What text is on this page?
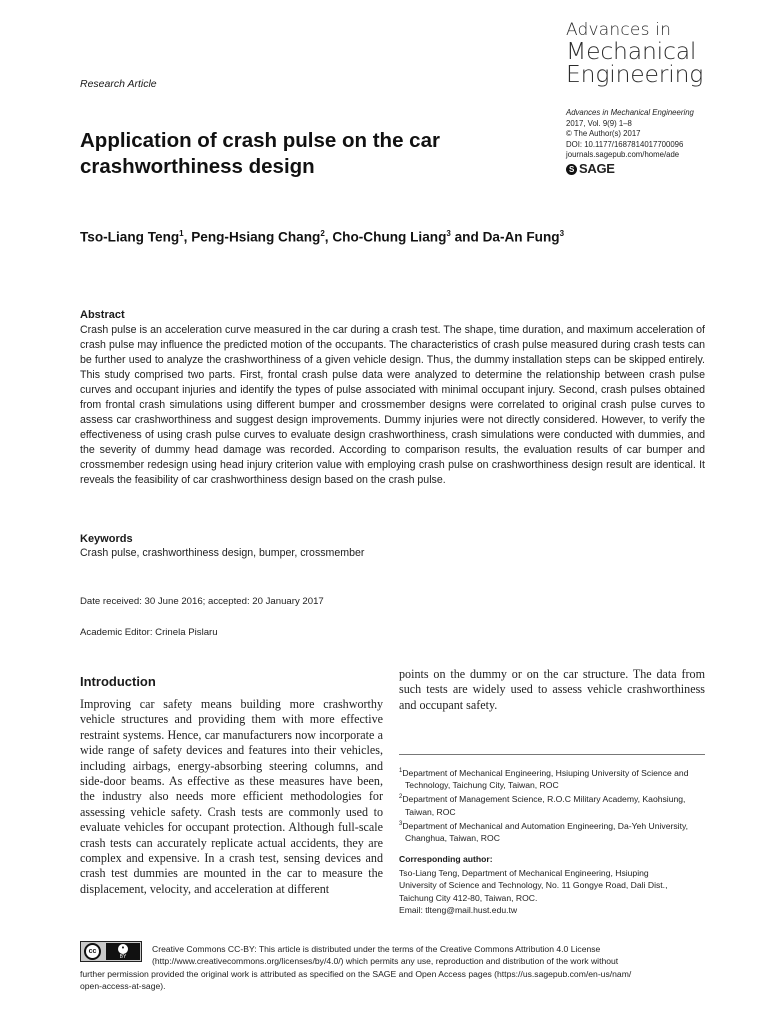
Advances in
Mechanical
Engineering
Research Article
Advances in Mechanical Engineering
2017, Vol. 9(9) 1–8
© The Author(s) 2017
DOI: 10.1177/1687814017700096
journals.sagepub.com/home/ade
S SAGE
Application of crash pulse on the car crashworthiness design
Tso-Liang Teng$^1$, Peng-Hsiang Chang$^2$, Cho-Chung Liang$^3$ and Da-An Fung$^3$
Abstract

Crash pulse is an acceleration curve measured in the car during a crash test. The shape, time duration, and maximum acceleration of crash pulse may influence the predicted motion of the occupants. The characteristics of crash pulse measured during crash tests can be further used to analyze the crashworthiness of a given vehicle design. Thus, the dummy installation steps can be skipped entirely. This study comprised two parts. First, frontal crash pulse data were analyzed to determine the relationship between crash pulse curves and occupant injuries and identify the types of pulse associated with minimal occupant injury. Second, crash pulses obtained from frontal crash simulations using different bumper and crossmember designs were correlated to original crash pulse curves to assess car crashworthiness and suggest design improvements. Dummy injuries were not directly considered. However, to verify the effectiveness of using crash pulse curves to evaluate design crashworthiness, crash simulations were conducted with dummies, and the severity of dummy head damage was recorded. According to comparison results, the evaluation results of car bumper and crossmember redesign using head injury criterion value with employing crash pulse on crashworthiness design result are identical. It reveals the feasibility of car crashworthiness design based on the crash pulse.

Keywords
Crash pulse, crashworthiness design, bumper, crossmember
Date received: 30 June 2016; accepted: 20 January 2017
Academic Editor: Crinela Pislaru
Introduction

Improving car safety means building more crashworthy vehicle structures and providing them with more effective restraint systems. Hence, car manufacturers now incorporate a wide range of safety devices and features into their vehicles, including airbags, energy-absorbing steering columns, and side-door beams. As effective as these measures have been, the industry also needs more efficient methodologies for assessing vehicle safety. Crash tests are commonly used to evaluate vehicles for occupant protection. Although full-scale crash tests can accurately replicate actual accidents, they are complex and expensive. In a crash test, sensing devices and crash test dummies are mounted in the car to measure the displacement, velocity, and acceleration at different

points on the dummy or on the car structure. The data from such tests are widely used to assess vehicle crashworthiness and occupant safety.

$^1$Department of Mechanical Engineering, Hsiuping University of Science and Technology, Taichung City, Taiwan, ROC
$^2$Department of Management Science, R.O.C Military Academy, Kaohsiung, Taiwan, ROC
$^3$Department of Mechanical and Automation Engineering, Da-Yeh University, Changhua, Taiwan, ROC
Corresponding author:
Tso-Liang Teng, Department of Mechanical Engineering, Hsiuping
University of Science and Technology, No. 11 Gongye Road, Dali Dist.,
Taichung City 412-80, Taiwan, ROC.
Email: tlteng@mail.hust.edu.tw
cc	•
BY
Creative Commons CC-BY: This article is distributed under the terms of the Creative Commons Attribution 4.0 License
(http://www.creativecommons.org/licenses/by/4.0/) which permits any use, reproduction and distribution of the work without
further permission provided the original work is attributed as specified on the SAGE and Open Access pages (https://us.sagepub.com/en-us/nam/
open-access-at-sage).
